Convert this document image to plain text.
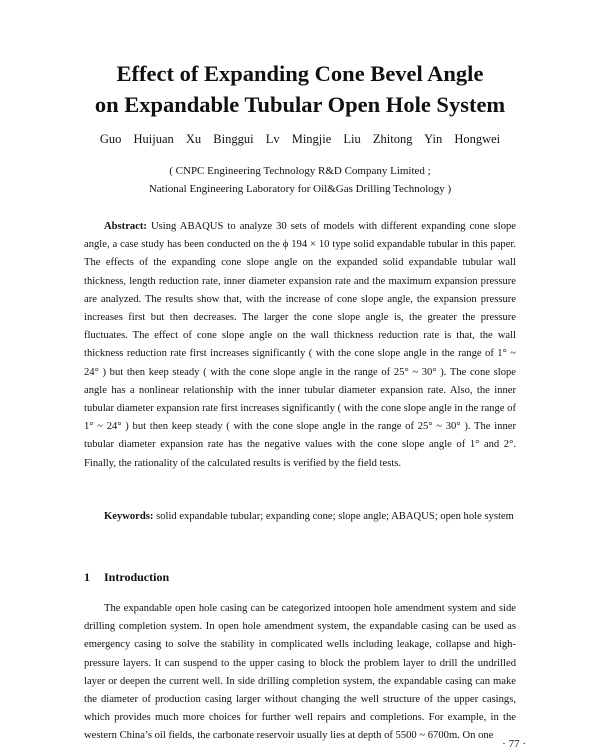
Effect of Expanding Cone Bevel Angle
on Expandable Tubular Open Hole System
Guo Huijuan Xu Binggui Lv Mingjie Liu Zhitong Yin Hongwei
( CNPC Engineering Technology R&D Company Limited ;
National Engineering Laboratory for Oil&Gas Drilling Technology )
Abstract: Using ABAQUS to analyze 30 sets of models with different expanding cone slope angle, a case study has been conducted on the ϕ 194 × 10 type solid expandable tubular in this paper. The effects of the expanding cone slope angle on the expanded solid expandable tubular wall thickness, length reduction rate, inner diameter expansion rate and the maximum expansion pressure are analyzed. The results show that, with the increase of cone slope angle, the expansion pressure increases first but then decreases. The larger the cone slope angle is, the greater the pressure fluctuates. The effect of cone slope angle on the wall thickness reduction rate is that, the wall thickness reduction rate first increases significantly ( with the cone slope angle in the range of 1° ~ 24° ) but then keep steady ( with the cone slope angle in the range of 25° ~ 30° ). The cone slope angle has a nonlinear relationship with the inner tubular diameter expansion rate. Also, the inner tubular diameter expansion rate first increases significantly ( with the cone slope angle in the range of 1° ~ 24° ) but then keep steady ( with the cone slope angle in the range of 25° ~ 30° ). The inner tubular diameter expansion rate has the negative values with the cone slope angle of 1° and 2°. Finally, the rationality of the calculated results is verified by the field tests.
Keywords: solid expandable tubular; expanding cone; slope angle; ABAQUS; open hole system
1 Introduction
The expandable open hole casing can be categorized intoopen hole amendment system and side drilling completion system. In open hole amendment system, the expandable casing can be used as emergency casing to solve the stability in complicated wells including leakage, collapse and high-pressure layers. It can suspend to the upper casing to block the problem layer to drill the undrilled layer or deepen the current well. In side drilling completion system, the expandable casing can make the diameter of production casing larger without changing the well structure of the upper casings, which provides much more choices for further well repairs and completions. For example, in the western China’s oil fields, the carbonate reservoir usually lies at depth of 5500 ~ 6700m. On one
· 77 ·
